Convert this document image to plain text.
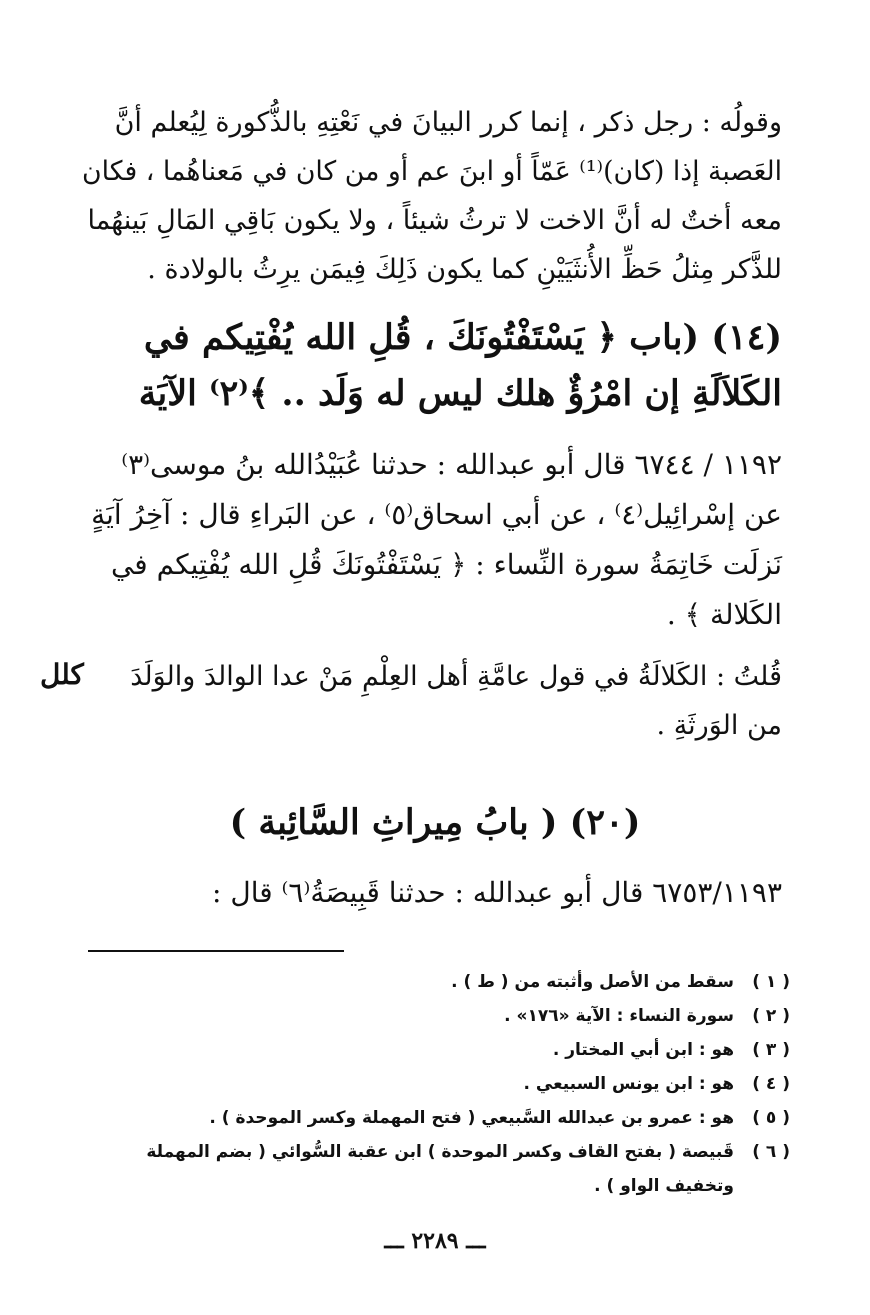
وقولُه : رجل ذكر ، إنما كرر البيانَ في نَعْتِهِ بالذُّكورة لِيُعلم أنَّ
العَصبة إذا (كان)⁽¹⁾ عَمّاً أو ابنَ عم أو من كان في مَعناهُما ، فكان
معه أختٌ له أنَّ الاخت لا ترثُ شيئاً ، ولا يكون بَاقِي المَالِ بَينهُما
للذَّكر مِثلُ حَظِّ الأُنثَيَيْنِ كما يكون ذَلِكَ فِيمَن يرِثُ بالولادة .
(١٤) (باب ﴿ يَسْتَفْتُونَكَ ، قُلِ الله يُفْتِيكم في
الكَلاَلَةِ إن امْرُؤٌ هلك ليس له وَلَد .. ﴾⁽٢⁾ الآيَة
١١٩٢ / ٦٧٤٤ قال أبو عبدالله : حدثنا عُبَيْدُالله بنُ موسى⁽٣⁾
عن إسْرائِيل⁽٤⁾ ، عن أبي اسحاق⁽٥⁾ ، عن البَراءِ قال : آخِرُ آيَةٍ
نَزلَت خَاتِمَةُ سورة النِّساء : ﴿ يَسْتَفْتُونَكَ قُلِ الله يُفْتِيكم في
الكَلالة ﴾ .
قُلتُ : الكَلالَةُ في قول عامَّةِ أهل العِلْمِ مَنْ عدا الوالدَ والوَلَدَ
من الوَرثَةِ .
كلل
(٢٠) ( بابُ مِيراثِ السَّائِبة )
٦٧٥٣/١١٩٣ قال أبو عبدالله : حدثنا قَبِيصَةُ⁽٦⁾ قال :
( ١ )
سقط من الأصل وأثبته من ( ط ) .
( ٢ )
سورة النساء : الآية «١٧٦» .
( ٣ )
هو : ابن أبي المختار .
( ٤ )
هو : ابن يونس السبيعي .
( ٥ )
هو : عمرو بن عبدالله السَّبيعي ( فتح المهملة وكسر الموحدة ) .
( ٦ )
قَبيصة ( بفتح القاف وكسر الموحدة ) ابن عقبة السُّوائي ( بضم المهملة وتخفيف الواو ) .
ـــ ٢٢٨٩ ـــ
